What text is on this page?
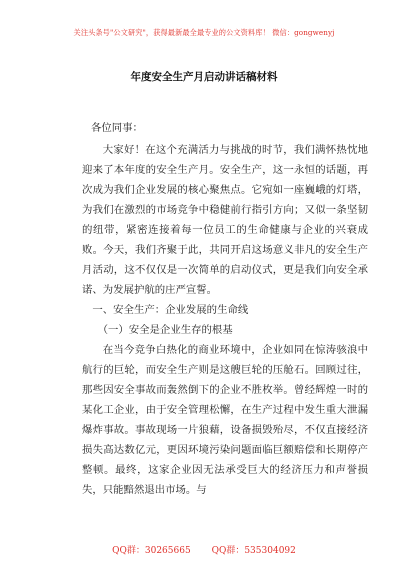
关注头条号"公文研究"，获得最新最全最专业的公文资料库！ 微信：gongwenyj
年度安全生产月启动讲话稿材料

各位同事：

大家好！在这个充满活力与挑战的时节，我们满怀热忱地迎来了本年度的安全生产月。安全生产，这一永恒的话题，再次成为我们企业发展的核心聚焦点。它宛如一座巍峨的灯塔，为我们在激烈的市场竞争中稳健前行指引方向；又似一条坚韧的纽带，紧密连接着每一位员工的生命健康与企业的兴衰成败。今天，我们齐聚于此，共同开启这场意义非凡的安全生产月活动，这不仅仅是一次简单的启动仪式，更是我们向安全承诺、为发展护航的庄严宣誓。

一、安全生产：企业发展的生命线

（一）安全是企业生存的根基

在当今竞争白热化的商业环境中，企业如同在惊涛骇浪中航行的巨轮，而安全生产则是这艘巨轮的压舱石。回顾过往，那些因安全事故而轰然倒下的企业不胜枚举。曾经辉煌一时的某化工企业，由于安全管理松懈，在生产过程中发生重大泄漏爆炸事故。事故现场一片狼藉，设备损毁殆尽，不仅直接经济损失高达数亿元，更因环境污染问题面临巨额赔偿和长期停产整顿。最终，这家企业因无法承受巨大的经济压力和声誉损失，只能黯然退出市场。与

QQ群：30265665 QQ群：535304092
